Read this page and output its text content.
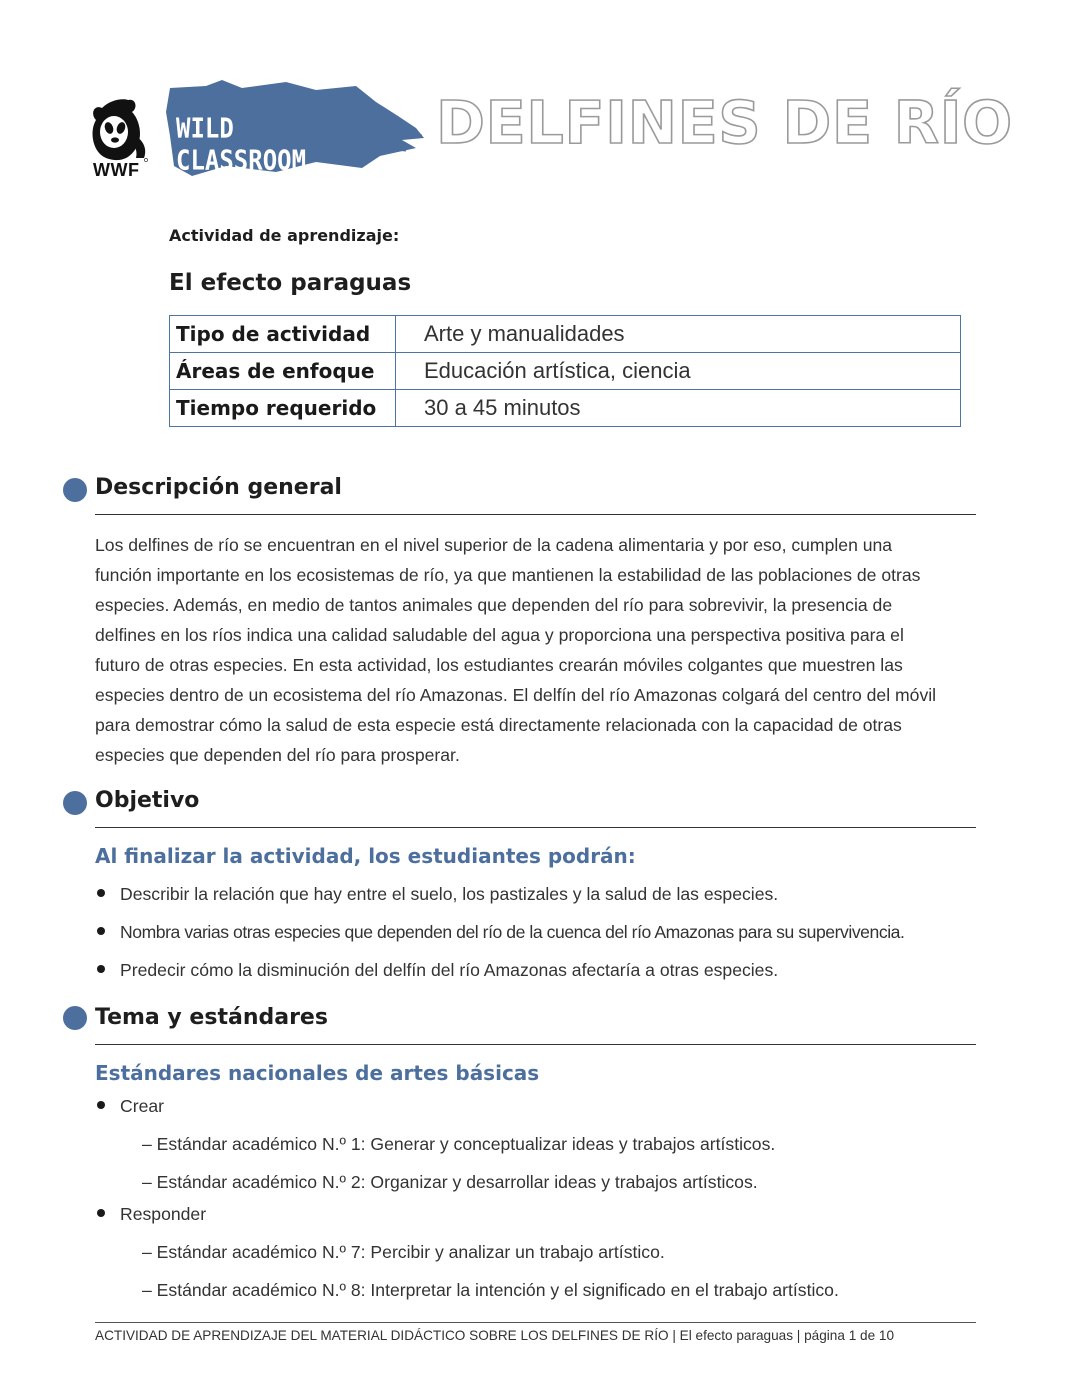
WWF
WILD CLASSROOM
DELFINES DE RÍO
Actividad de aprendizaje:
El efecto paraguas
Tipo de actividad	Arte y manualidades
Áreas de enfoque	Educación artística, ciencia
Tiempo requerido	30 a 45 minutos
Descripción general
Los delfines de río se encuentran en el nivel superior de la cadena alimentaria y por eso, cumplen una
función importante en los ecosistemas de río, ya que mantienen la estabilidad de las poblaciones de otras
especies. Además, en medio de tantos animales que dependen del río para sobrevivir, la presencia de
delfines en los ríos indica una calidad saludable del agua y proporciona una perspectiva positiva para el
futuro de otras especies. En esta actividad, los estudiantes crearán móviles colgantes que muestren las
especies dentro de un ecosistema del río Amazonas. El delfín del río Amazonas colgará del centro del móvil
para demostrar cómo la salud de esta especie está directamente relacionada con la capacidad de otras
especies que dependen del río para prosperar.
Objetivo
Al finalizar la actividad, los estudiantes podrán:
Describir la relación que hay entre el suelo, los pastizales y la salud de las especies.
Nombra varias otras especies que dependen del río de la cuenca del río Amazonas para su supervivencia.
Predecir cómo la disminución del delfín del río Amazonas afectaría a otras especies.
Tema y estándares
Estándares nacionales de artes básicas
Crear
– Estándar académico N.º 1: Generar y conceptualizar ideas y trabajos artísticos.
– Estándar académico N.º 2: Organizar y desarrollar ideas y trabajos artísticos.
Responder
– Estándar académico N.º 7: Percibir y analizar un trabajo artístico.
– Estándar académico N.º 8: Interpretar la intención y el significado en el trabajo artístico.
ACTIVIDAD DE APRENDIZAJE DEL MATERIAL DIDÁCTICO SOBRE LOS DELFINES DE RÍO | El efecto paraguas | página 1 de 10
